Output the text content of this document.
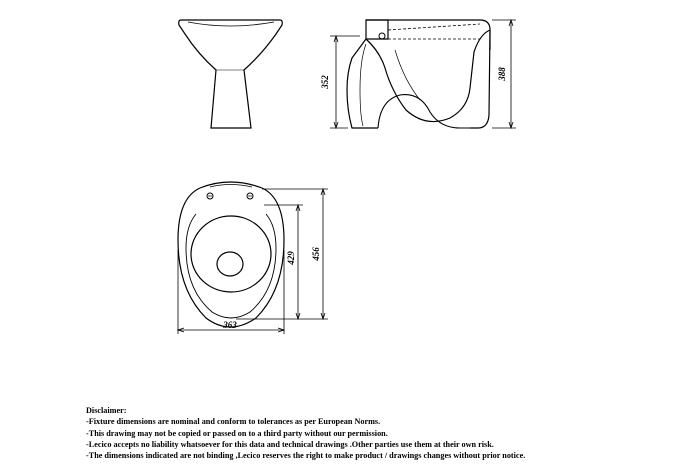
352
388
429 456
363
Disclaimer:
-Fixture dimensions are nominal and conform to tolerances as per European Norms.
-This drawing may not be copied or passed on to a third party without our permission.
-Lecico accepts no liability whatsoever for this data and technical drawings .Other parties use them at their own risk.
-The dimensions indicated are not binding ,Lecico reserves the right to make product / drawings changes without prior notice.
